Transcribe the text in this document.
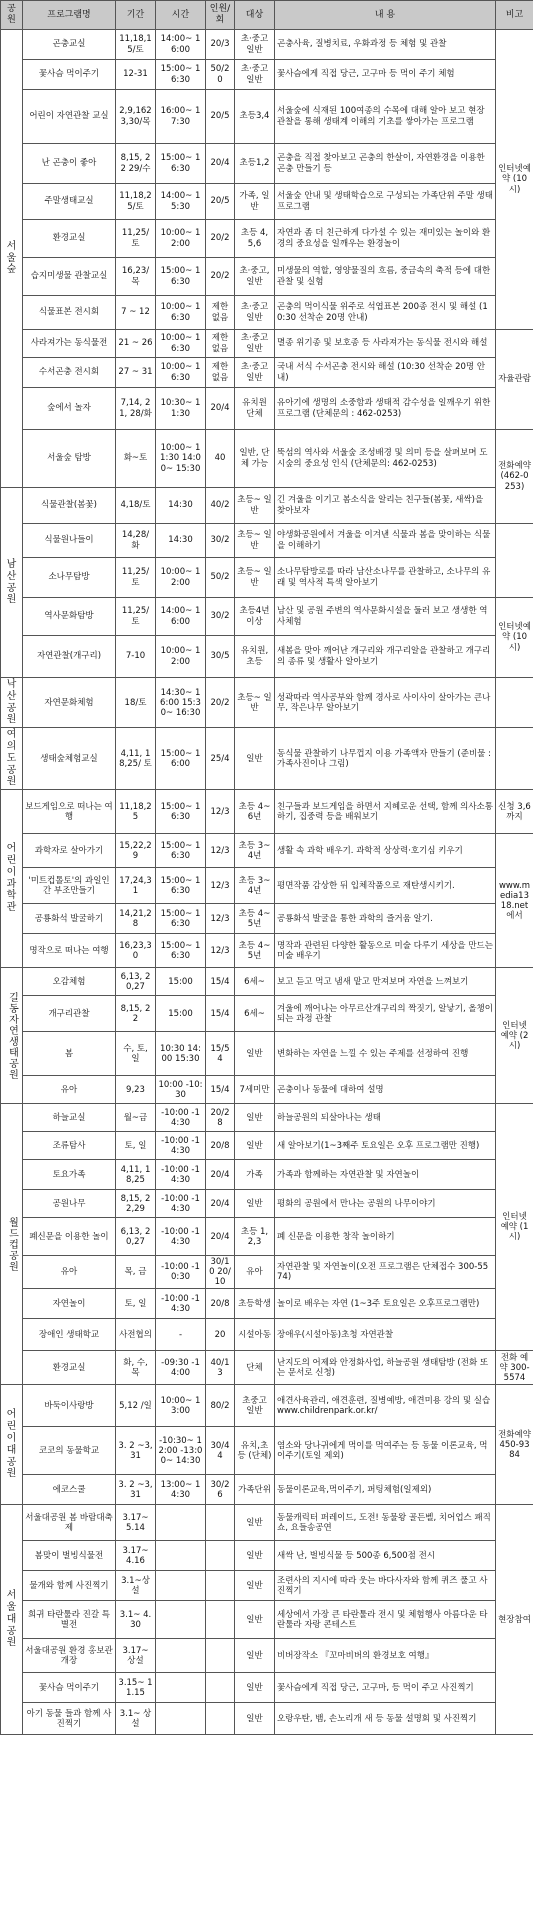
공원	프로그램명	기간	시간	인원/회	대상	내 용	비고	
서울숲	곤충교실	11,18,1 5/토	14:00~ 16:00	20/3	초·중고 일반	곤충사육, 질병치료, 우화과정 등 체험 및 관찰	인터넷예약 (10시)	
	꽃사슴 먹이주기	12-31	15:00~ 16:30	50/20	초·중고 일반	꽃사슴에게 직접 당근, 고구마 등 먹이 주기 체험		
	어린이 자연관찰 교실	2,9,162 3,30/목	16:00~ 17:30	20/5	초등3,4	서울숲에 식재된 100여종의 수목에 대해 알아 보고 현장 관찰을 통해 생태계 이해의 기초를 쌓아가는 프로그램		
	난 곤충이 좋아	8,15, 22 29/수	15:00~ 16:30	20/4	초등1,2	곤충을 직접 찾아보고 곤충의 한살이, 자연환경을 이용한 곤충 만들기 등		
	주말생태교실	11,18,2 5/토	14:00~ 15:30	20/5	가족, 일반	서울숲 안내 및 생태학습으로 구성되는 가족단위 주말 생태프로그램		
	환경교실	11,25/ 토	10:00~ 12:00	20/2	초등 4,5,6	자연과 좀 더 친근하게 다가설 수 있는 재미있는 놀이와 환경의 중요성을 일깨우는 환경놀이		
	습지미생물 관찰교실	16,23/ 목	15:00~ 16:30	20/2	초·중고, 일반	미생물의 역할, 영양물질의 흐름, 중금속의 축적 등에 대한 관찰 및 실험		
	식물표본 전시회	7 ~ 12	10:00~ 16:30	제한 없음	초·중고 일반	곤충의 먹이식물 위주로 석엽표본 200종 전시 및 해설 (10:30 선착순 20명 안내)		
	사라져가는 동식물전	21 ~ 26	10:00~ 16:30	제한 없음	초·중고 일반	멸종 위기종 및 보호종 등 사라져가는 동식물 전시와 해설	자율관람	
	수서곤충 전시회	27 ~ 31	10:00~ 16:30	제한 없음	초·중고 일반	국내 서식 수서곤충 전시와 해설 (10:30 선착순 20명 안내)		
	숲에서 놀자	7,14, 21, 28/화	10:30~ 11:30	20/4	유치원 단체	유아기에 생명의 소중함과 생태적 감수성을 일깨우기 위한 프로그램 (단체문의 : 462-0253)		
	서울숲 탐방	화~토	10:00~ 11:30 14:00~ 15:30	40	일반, 단체 가능	뚝섬의 역사와 서울숲 조성배경 및 의미 등을 살펴보며 도시숲의 중요성 인식 (단체문의: 462-0253)	전화예약 (462-0253)	
남산공원	식물관찰(봄꽃)	4,18/토	14:30	40/2	초등~ 일반	긴 겨울을 이기고 봄소식을 알리는 친구들(봄꽃, 새싹)을 찾아보자		
	식물원나들이	14,28/ 화	14:30	30/2	초등~ 일반	야생화공원에서 겨울을 이겨낸 식물과 봄을 맞이하는 식물을 이해하기		
	소나무탐방	11,25/ 토	10:00~ 12:00	50/2	초등~ 일반	소나무탐방로를 따라 남산소나무를 관찰하고, 소나무의 유래 및 역사적 특색 알아보기		
	역사문화탐방	11,25/ 토	14:00~ 16:00	30/2	초등4년 이상	남산 및 공원 주변의 역사문화시설을 둘러 보고 생생한 역사체험	인터넷예약 (10시)	
	자연관찰(개구리)	7-10	10:00~ 12:00	30/5	유치원, 초등	새봄을 맞아 깨어난 개구리와 개구리알을 관찰하고 개구리의 종류 및 생활사 알아보기		
낙산공원	자연문화체험	18/토	14:30~ 16:00 15:30~ 16:30	20/2	초등~ 일반	성곽따라 역사공부와 함께 경사로 사이사이 살아가는 큰나무, 작은나무 알아보기		
여의도공원	생태숲체험교실	4,11, 18,25/ 토	15:00~ 16:00	25/4	일반	동식물 관찰하기 나무껍지 이용 가족액자 만들기 (준비물 : 가족사진이나 그림)		
어린이과학관	보드게임으로 떠나는 여행	11,18,2 5	15:00~ 16:30	12/3	초등 4~6년	친구들과 보드게임을 하면서 지혜로운 선택, 함께 의사소통하기, 집중력 등을 배워보기	신청 3,6 까지	
	과학자로 살아가기	15,22,2 9	15:00~ 16:30	12/3	초등 3~4년	생활 속 과학 배우기. 과학적 상상력·호기심 키우기	www.media1318.net에서	
	'미트컵톨토'의 과일인간 부조만들기	17,24,3 1	15:00~ 16:30	12/3	초등 3~4년	평면작품 감상한 뒤 입체작품으로 재탄생시키기.		
	공룡화석 발굴하기	14,21,2 8	15:00~ 16:30	12/3	초등 4~5년	공룡화석 발굴을 통한 과학의 즐거움 알기.		
	명작으로 떠나는 여행	16,23,3 0	15:00~ 16:30	12/3	초등 4~5년	명작과 관련된 다양한 활동으로 미술 다루기 세상을 만드는 미술 배우기		
길동자연생태공원	오감체험	6,13, 20,27	15:00	15/4	6세~	보고 듣고 먹고 냄새 맡고 만져보며 자연을 느껴보기	인터넷 예약 (2시)	
	개구리관찰	8,15, 22	15:00	15/4	6세~	겨울에 깨어나는 아무르산개구리의 짝짓기, 알낳기, 올챙이 되는 과정 관찰		
	봄	수, 토, 일	10:30 14:00 15:30	15/54	일반	변화하는 자연을 느낄 수 있는 주제를 선정하여 진행		
	유아	9,23	10:00 -10:30	15/4	7세미만	곤충이나 동물에 대하여 설명		
월드컵공원	하늘교실	월~금	-10:00 -14:30	20/28	일반	하늘공원의 되살아나는 생태	인터넷 예약 (1시)	
	조류탐사	토, 일	-10:00 -14:30	20/8	일반	새 알아보기(1~3째주 토요일은 오후 프로그램만 진행)		
	토요가족	4,11, 18,25	-10:00 -14:30	20/4	가족	가족과 함께하는 자연관찰 및 자연놀이		
	공원나무	8,15, 22,29	-10:00 -14:30	20/4	일반	평화의 공원에서 만나는 공원의 나무이야기		
	폐신문을 이용한 놀이	6,13, 20,27	-10:00 -14:30	20/4	초등 1,2,3	폐 신문을 이용한 창작 놀이하기		
	유아	목, 금	-10:00 -10:30	30/10 20/10	유아	자연관찰 및 자연놀이(오전 프로그램은 단체접수 300-5574)		
	자연놀이	토, 일	-10:00 -14:30	20/8	초등학생	놀이로 배우는 자연 (1~3주 토요일은 오후프로그램만)		
	장애인 생태학교	사전협의	-	20	시설아동	장애우(시설아동)초청 자연관찰		
	환경교실	화, 수, 목	-09:30 -14:00	40/13	단체	난지도의 어제와 안정화사업, 하늘공원 생태탐방 (전화 또는 문서로 신청)	전화 예약 300-5574	
어린이대공원	바둑이사랑방	5,12 /일	10:00~ 13:00	80/2	초중고 일반	애견사육관리, 애견훈련, 질병예방, 애견미용 강의 및 실습 www.childrenpark.or.kr/	전화예약 450-9384	
	코코의 동물학교	3. 2 ~3,31	-10:30~ 12:00 -13:00~ 14:30	30/44	유치,초등 (단체)	염소와 당나귀에게 먹이를 먹여주는 등 동물 이론교육, 먹이주기(토일 제외)		
	에코스쿨	3. 2 ~3,31	13:00~ 14:30	30/26	가족단위	동물이론교육,먹이주기, 퍼팅체험(일제외)		
서울대공원	서울대공원 봄 바람대축제	3.17~ 5.14			일반	동물캐릭터 퍼레이드, 도전! 동물왕 골든벨, 치어업스 패직쇼, 요들송공연	현장참여	
	봄맞이 벌빙식물전	3.17~ 4.16			일반	새싹 난, 벌빙식물 등 500종 6,500점 전시		
	물개와 함께 사진찍기	3.1~상설			일반	조련사의 지시에 따라 웃는 바다사자와 함께 퀴즈 풀고 사진찍기		
	희귀 타란툴라 진갈 특별전	3.1~ 4.30			일반	세상에서 가장 큰 타란툴라 전시 및 체험행사 아름다운 타란툴라 자랑 콘테스트		
	서울대공원 환경 홍보관 개장	3.17~ 상설			일반	비버장작소 『꼬마비버의 환경보호 여행』		
	꽃사슴 먹이주기	3.15~ 11.15			일반	꽃사슴에게 직접 당근, 고구마, 등 먹이 주고 사진찍기		
	아기 동물 들과 함께 사진찍기	3.1~ 상설			일반	오랑우탄, 뱀, 손노리개 새 등 동물 설명회 및 사진찍기		
